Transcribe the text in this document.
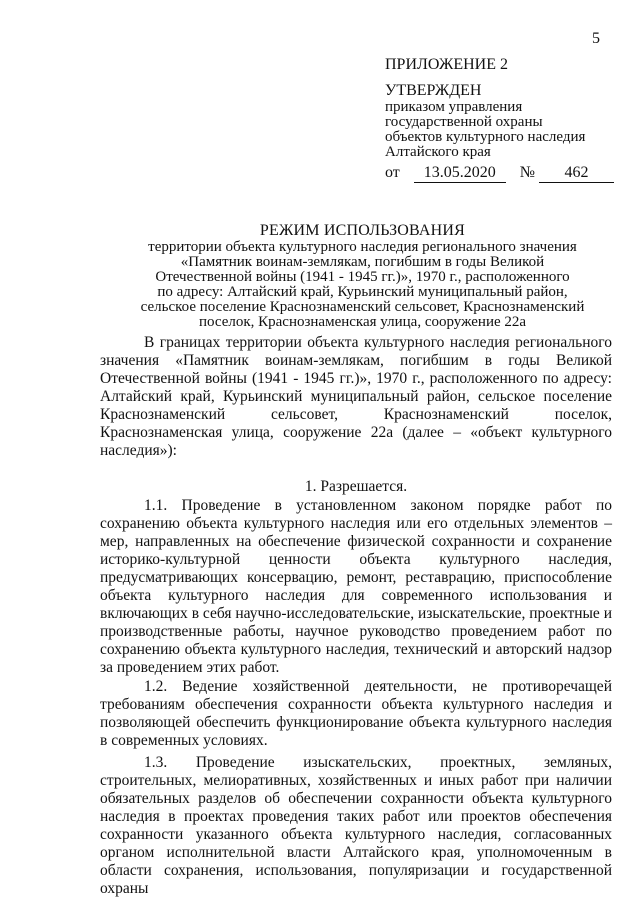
5
ПРИЛОЖЕНИЕ 2
УТВЕРЖДЕН
приказом управления
государственной охраны
объектов культурного наследия
Алтайского края
от 13.05.2020 № 462
РЕЖИМ ИСПОЛЬЗОВАНИЯ
территории объекта культурного наследия регионального значения
«Памятник воинам-землякам, погибшим в годы Великой
Отечественной войны (1941 - 1945 гг.)», 1970 г., расположенного
по адресу: Алтайский край, Курьинский муниципальный район,
сельское поселение Краснознаменский сельсовет, Краснознаменский
поселок, Краснознаменская улица, сооружение 22а

В границах территории объекта культурного наследия регионального значения «Памятник воинам-землякам, погибшим в годы Великой Отечественной войны (1941 - 1945 гг.)», 1970 г., расположенного по адресу: Алтайский край, Курьинский муниципальный район, сельское поселение Краснознаменский сельсовет, Краснознаменский поселок, Краснознаменская улица, сооружение 22а (далее – «объект культурного наследия»):

1. Разрешается.

1.1. Проведение в установленном законом порядке работ по сохранению объекта культурного наследия или его отдельных элементов – мер, направленных на обеспечение физической сохранности и сохранение историко-культурной ценности объекта культурного наследия, предусматривающих консервацию, ремонт, реставрацию, приспособление объекта культурного наследия для современного использования и включающих в себя научно-исследовательские, изыскательские, проектные и производственные работы, научное руководство проведением работ по сохранению объекта культурного наследия, технический и авторский надзор за проведением этих работ.

1.2. Ведение хозяйственной деятельности, не противоречащей требованиям обеспечения сохранности объекта культурного наследия и позволяющей обеспечить функционирование объекта культурного наследия в современных условиях.

1.3. Проведение изыскательских, проектных, земляных, строительных, мелиоративных, хозяйственных и иных работ при наличии обязательных разделов об обеспечении сохранности объекта культурного наследия в проектах проведения таких работ или проектов обеспечения сохранности указанного объекта культурного наследия, согласованных органом исполнительной власти Алтайского края, уполномоченным в области сохранения, использования, популяризации и государственной охраны
